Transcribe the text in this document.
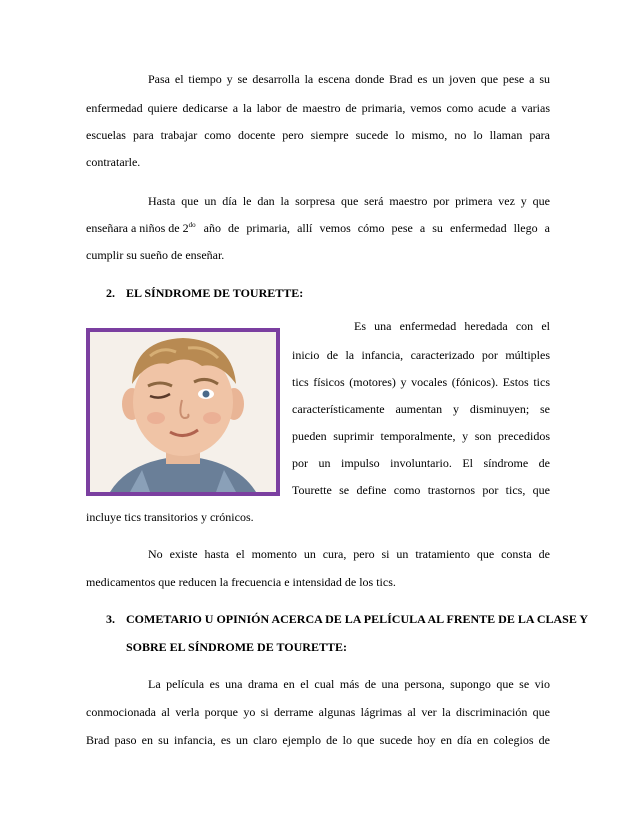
Pasa el tiempo y se desarrolla la escena donde Brad es un joven que pese a su
enfermedad quiere dedicarse a la labor de maestro de primaria, vemos como acude a varias
escuelas para trabajar como docente pero siempre sucede lo mismo, no lo llaman para
contratarle.
Hasta que un día le dan la sorpresa que será maestro por primera vez y que
enseñara a niños de $2^{do}$ año de primaria, allí vemos cómo pese a su enfermedad llego a
cumplir su sueño de enseñar.
2. EL SÍNDROME DE TOURETTE:
Es una enfermedad heredada con el
inicio de la infancia, caracterizado por múltiples
tics físicos (motores) y vocales (fónicos). Estos tics
característicamente aumentan y disminuyen; se
pueden suprimir temporalmente, y son precedidos
por un impulso involuntario. El síndrome de
Tourette se define como trastornos por tics, que
incluye tics transitorios y crónicos.
No existe hasta el momento un cura, pero si un tratamiento que consta de
medicamentos que reducen la frecuencia e intensidad de los tics.
3. COMETARIO U OPINIÓN ACERCA DE LA PELÍCULA AL FRENTE DE LA CLASE Y
SOBRE EL SÍNDROME DE TOURETTE:
La película es una drama en el cual más de una persona, supongo que se vio
conmocionada al verla porque yo si derrame algunas lágrimas al ver la discriminación que
Brad paso en su infancia, es un claro ejemplo de lo que sucede hoy en día en colegios de
